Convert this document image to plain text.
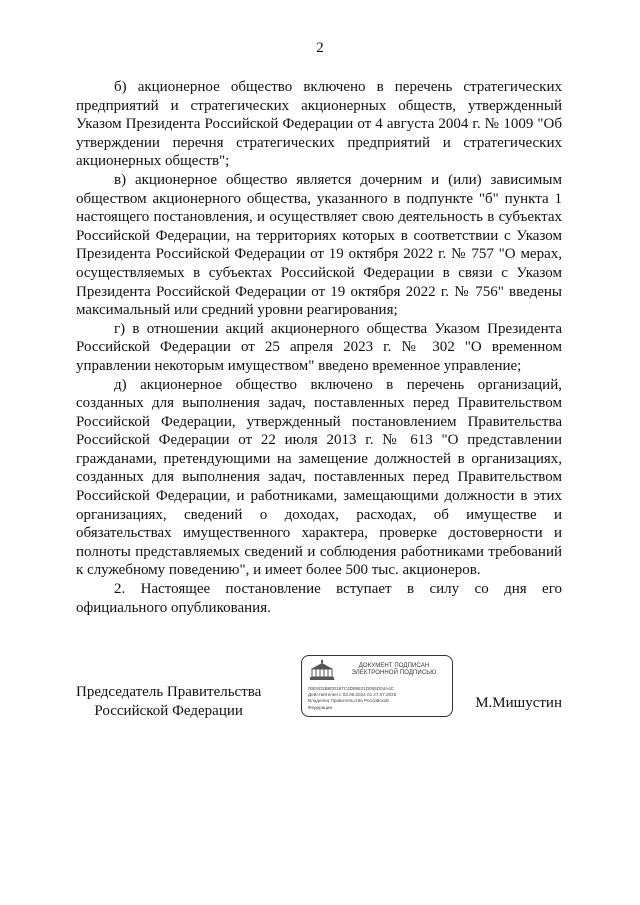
2

б) акционерное общество включено в перечень стратегических предприятий и стратегических акционерных обществ, утвержденный Указом Президента Российской Федерации от 4 августа 2004 г. № 1009 "Об утверждении перечня стратегических предприятий и стратегических акционерных обществ";

в) акционерное общество является дочерним и (или) зависимым обществом акционерного общества, указанного в подпункте "б" пункта 1 настоящего постановления, и осуществляет свою деятельность в субъектах Российской Федерации, на территориях которых в соответствии с Указом Президента Российской Федерации от 19 октября 2022 г. № 757 "О мерах, осуществляемых в субъектах Российской Федерации в связи с Указом Президента Российской Федерации от 19 октября 2022 г. № 756" введены максимальный или средний уровни реагирования;

г) в отношении акций акционерного общества Указом Президента Российской Федерации от 25 апреля 2023 г. № 302 "О временном управлении некоторым имуществом" введено временное управление;

д) акционерное общество включено в перечень организаций, созданных для выполнения задач, поставленных перед Правительством Российской Федерации, утвержденный постановлением Правительства Российской Федерации от 22 июля 2013 г. № 613 "О представлении гражданами, претендующими на замещение должностей в организациях, созданных для выполнения задач, поставленных перед Правительством Российской Федерации, и работниками, замещающими должности в этих организациях, сведений о доходах, расходах, об имуществе и обязательствах имущественного характера, проверке достоверности и полноты представляемых сведений и соблюдения работниками требований к служебному поведению", и имеет более 500 тыс. акционеров.

2. Настоящее постановление вступает в силу со дня его официального опубликования.

Председатель Правительства
Российской Федерации
ДОКУМЕНТ ПОДПИСАН
ЭЛЕКТРОННОЙ ПОДПИСЬЮ
00E5D2B8D0187C4D88821D006D04A4C
Действителен с 03.05.2024 по 27.07.2025
Владелец Правительство Российской
Федерации	М.Мишустин
